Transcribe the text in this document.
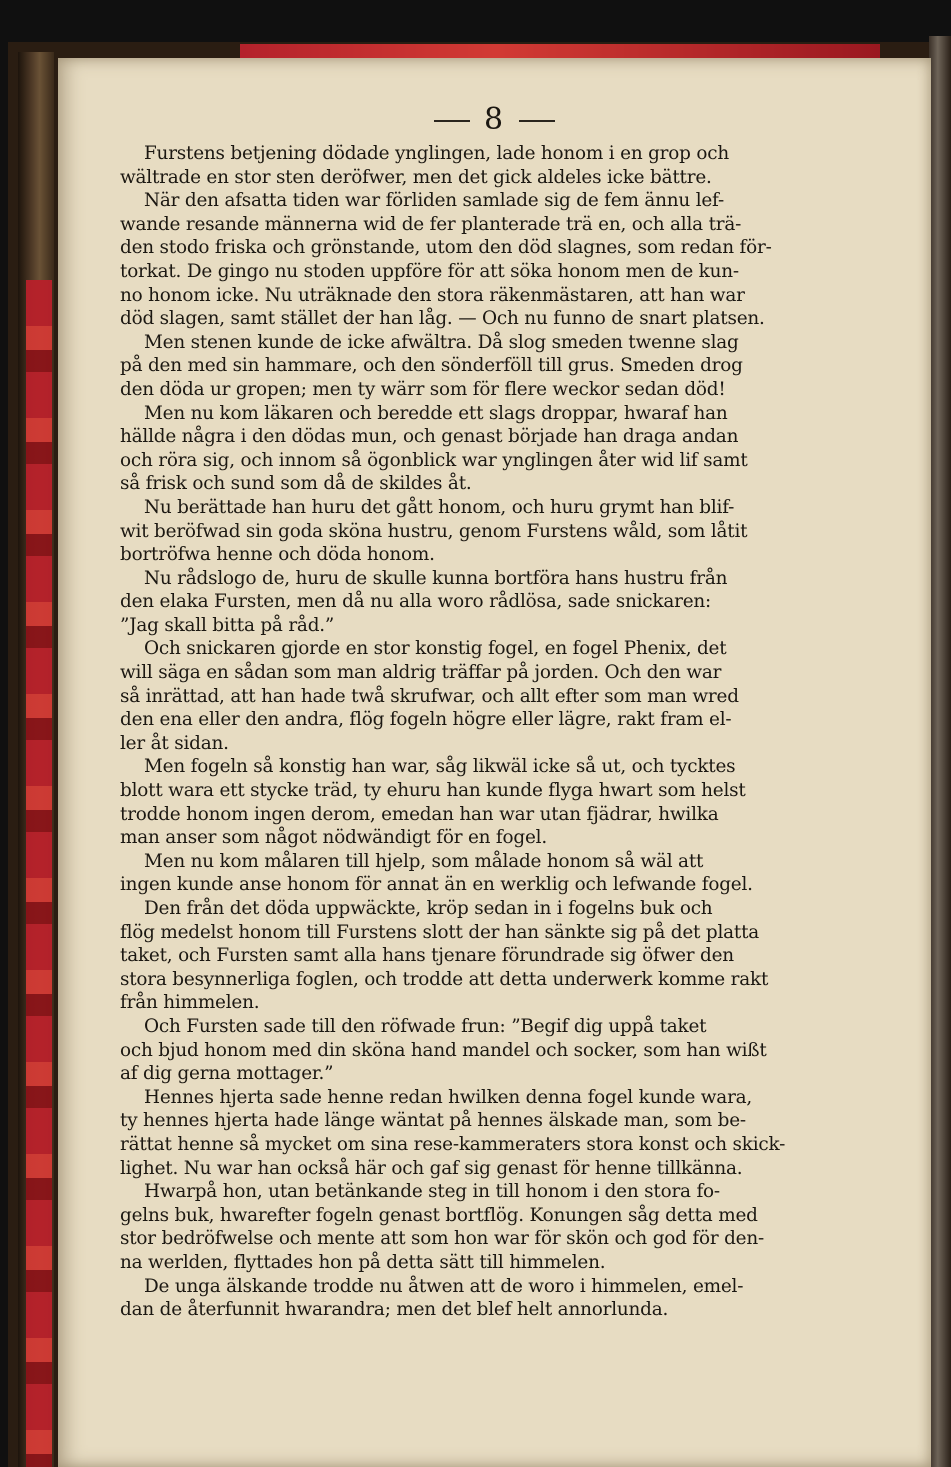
8
Furstens betjening dödade ynglingen, lade honom i en grop och
wältrade en stor sten deröfwer, men det gick aldeles icke bättre.
När den afsatta tiden war förliden samlade sig de fem ännu lef-
wande resande männerna wid de fer planterade trä en, och alla trä-
den stodo friska och grönstande, utom den död slagnes, som redan för-
torkat. De gingo nu stoden uppföre för att söka honom men de kun-
no honom icke. Nu uträknade den stora räkenmästaren, att han war
död slagen, samt stället der han låg. — Och nu funno de snart platsen.
Men stenen kunde de icke afwältra. Då slog smeden twenne slag
på den med sin hammare, och den sönderföll till grus. Smeden drog
den döda ur gropen; men ty wärr som för flere weckor sedan död!
Men nu kom läkaren och beredde ett slags droppar, hwaraf han
hällde några i den dödas mun, och genast började han draga andan
och röra sig, och innom så ögonblick war ynglingen åter wid lif samt
så frisk och sund som då de skildes åt.
Nu berättade han huru det gått honom, och huru grymt han blif-
wit beröfwad sin goda sköna hustru, genom Furstens wåld, som låtit
bortröfwa henne och döda honom.
Nu rådslogo de, huru de skulle kunna bortföra hans hustru från
den elaka Fursten, men då nu alla woro rådlösa, sade snickaren:
”Jag skall bitta på råd.”
Och snickaren gjorde en stor konstig fogel, en fogel Phenix, det
will säga en sådan som man aldrig träffar på jorden. Och den war
så inrättad, att han hade twå skrufwar, och allt efter som man wred
den ena eller den andra, flög fogeln högre eller lägre, rakt fram el-
ler åt sidan.
Men fogeln så konstig han war, såg likwäl icke så ut, och tycktes
blott wara ett stycke träd, ty ehuru han kunde flyga hwart som helst
trodde honom ingen derom, emedan han war utan fjädrar, hwilka
man anser som något nödwändigt för en fogel.
Men nu kom målaren till hjelp, som målade honom så wäl att
ingen kunde anse honom för annat än en werklig och lefwande fogel.
Den från det döda uppwäckte, kröp sedan in i fogelns buk och
flög medelst honom till Furstens slott der han sänkte sig på det platta
taket, och Fursten samt alla hans tjenare förundrade sig öfwer den
stora besynnerliga foglen, och trodde att detta underwerk komme rakt
från himmelen.
Och Fursten sade till den röfwade frun: ”Begif dig uppå taket
och bjud honom med din sköna hand mandel och socker, som han wißt
af dig gerna mottager.”
Hennes hjerta sade henne redan hwilken denna fogel kunde wara,
ty hennes hjerta hade länge wäntat på hennes älskade man, som be-
rättat henne så mycket om sina rese-kammeraters stora konst och skick-
lighet. Nu war han också här och gaf sig genast för henne tillkänna.
Hwarpå hon, utan betänkande steg in till honom i den stora fo-
gelns buk, hwarefter fogeln genast bortflög. Konungen såg detta med
stor bedröfwelse och mente att som hon war för skön och god för den-
na werlden, flyttades hon på detta sätt till himmelen.
De unga älskande trodde nu åtwen att de woro i himmelen, emel-
dan de återfunnit hwarandra; men det blef helt annorlunda.
